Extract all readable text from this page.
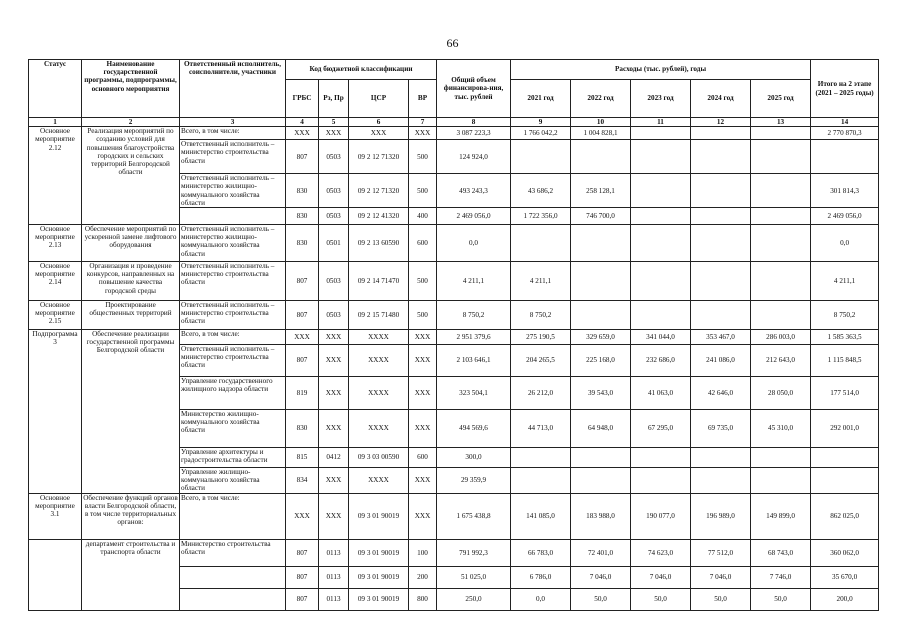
66
Статус	Наименование государственной программы, подпрограммы, основного мероприятия	Ответственный исполнитель, соисполнители, участники	Код бюджетной классификации				Общий объем финансирова-ния, тыс. рублей	Расходы (тыс. рублей), годы					Итого на 2 этапе (2021 – 2025 годы)
			ГРБС	Рз, Пр	ЦСР	ВР		2021 год	2022 год	2023 год	2024 год	2025 год	
1	2	3	4	5	6	7	8	9	10	11	12	13	14
Основное мероприятие 2.12	Реализация мероприятий по созданию условий для повышения благоустройства городских и сельских территорий Белгородской области	Всего, в том числе:	XXX	XXX	XXX	XXX	3 087 223,3	1 766 042,2	1 004 828,1				2 770 870,3
		Ответственный исполнитель – министерство строительства области	807	0503	09 2 12 71320	500	124 924,0						
		Ответственный исполнитель – министерство жилищно-коммунального хозяйства области	830	0503	09 2 12 71320	500	493 243,3	43 686,2	258 128,1				301 814,3
			830	0503	09 2 12 41320	400	2 469 056,0	1 722 356,0	746 700,0				2 469 056,0
Основное мероприятие 2.13	Обеспечение мероприятий по ускоренной замене лифтового оборудования	Ответственный исполнитель – министерство жилищно-коммунального хозяйства области	830	0501	09 2 13 60590	600	0,0						0,0
Основное мероприятие 2.14	Организация и проведение конкурсов, направленных на повышение качества городской среды	Ответственный исполнитель – министерство строительства области	807	0503	09 2 14 71470	500	4 211,1	4 211,1					4 211,1
Основное мероприятие 2.15	Проектирование общественных территорий	Ответственный исполнитель – министерство строительства области	807	0503	09 2 15 71480	500	8 750,2	8 750,2					8 750,2
Подпрограмма 3	Обеспечение реализации государственной программы Белгородской области	Всего, в том числе:	XXX	XXX	XXXX	XXX	2 951 379,6	275 190,5	329 659,0	341 044,0	353 467,0	286 003,0	1 585 363,5
		Ответственный исполнитель – министерство строительства области	807	XXX	XXXX	XXX	2 103 646,1	204 265,5	225 168,0	232 686,0	241 086,0	212 643,0	1 115 848,5
		Управление государственного жилищного надзора области	819	XXX	XXXX	XXX	323 504,1	26 212,0	39 543,0	41 063,0	42 646,0	28 050,0	177 514,0
		Министерство жилищно-коммунального хозяйства области	830	XXX	XXXX	XXX	494 569,6	44 713,0	64 948,0	67 295,0	69 735,0	45 310,0	292 001,0
		Управление архитектуры и градостроительства области	815	0412	09 3 03 00590	600	300,0						
		Управление жилищно-коммунального хозяйства области	834	XXX	XXXX	XXX	29 359,9						
Основное мероприятие 3.1	Обеспечение функций органов власти Белгородской области, в том числе территориальных органов:	Всего, в том числе:	XXX	XXX	09 3 01 90019	XXX	1 675 438,8	141 085,0	183 988,0	190 077,0	196 989,0	149 899,0	862 025,0
	департамент строительства и транспорта области	Министерство строительства области	807	0113	09 3 01 90019	100	791 992,3	66 783,0	72 401,0	74 623,0	77 512,0	68 743,0	360 062,0
			807	0113	09 3 01 90019	200	51 025,0	6 786,0	7 046,0	7 046,0	7 046,0	7 746,0	35 670,0
			807	0113	09 3 01 90019	800	250,0	0,0	50,0	50,0	50,0	50,0	200,0
